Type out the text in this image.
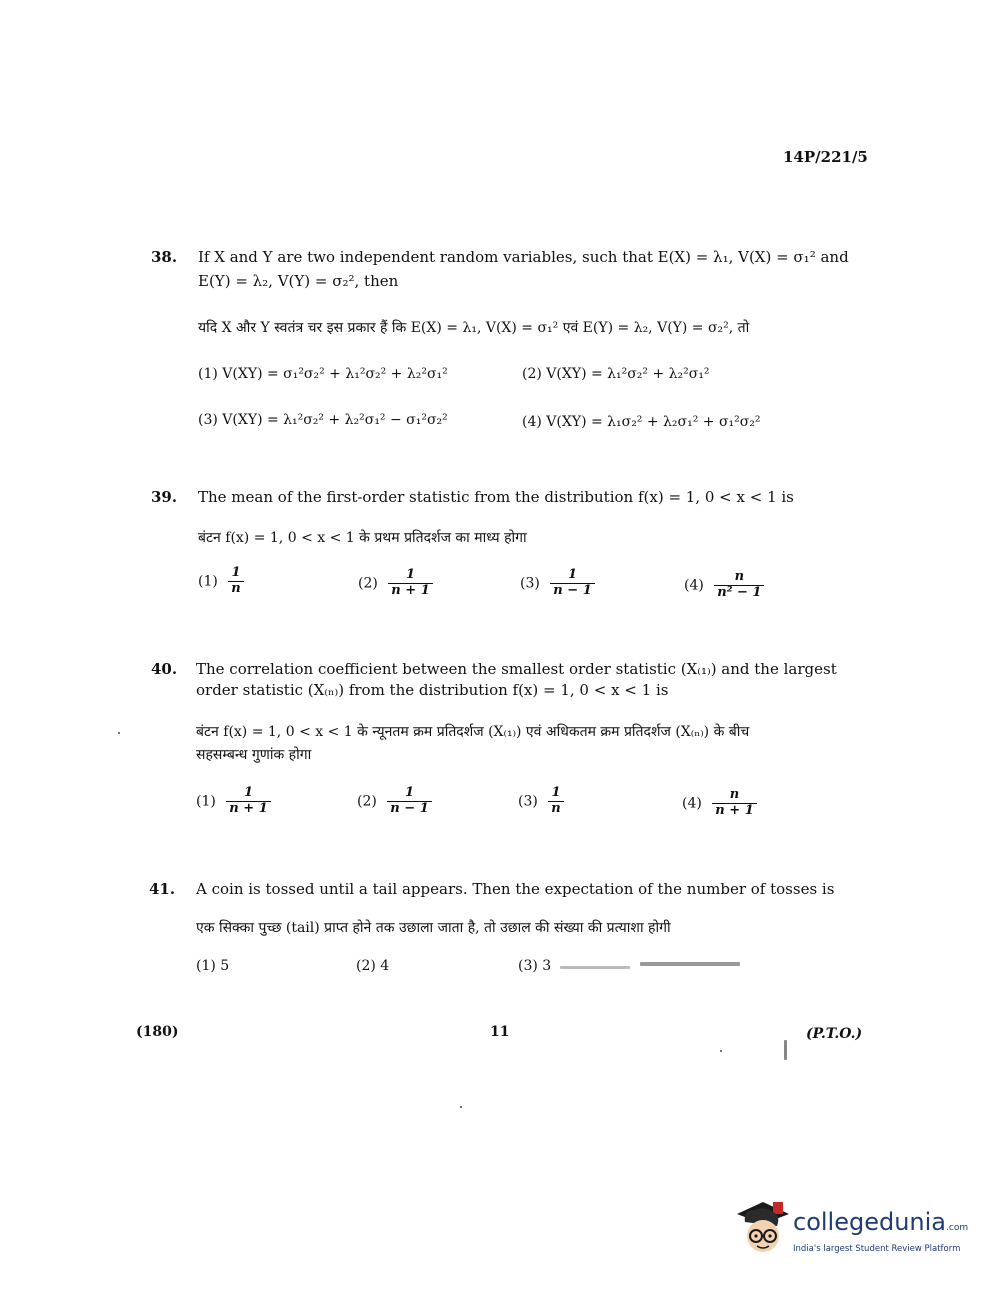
14P/221/5
38. If X and Y are two independent random variables, such that E(X) = λ₁, V(X) = σ₁² and
E(Y) = λ₂, V(Y) = σ₂², then
यदि X और Y स्वतंत्र चर इस प्रकार हैं कि E(X) = λ₁, V(X) = σ₁² एवं E(Y) = λ₂, V(Y) = σ₂², तो
(1) V(XY) = σ₁²σ₂² + λ₁²σ₂² + λ₂²σ₁²	(2) V(XY) = λ₁²σ₂² + λ₂²σ₁²
(3) V(XY) = λ₁²σ₂² + λ₂²σ₁² − σ₁²σ₂²	(4) V(XY) = λ₁σ₂² + λ₂σ₁² + σ₁²σ₂²
39. The mean of the first-order statistic from the distribution f(x) = 1, 0 < x < 1 is
बंटन f(x) = 1, 0 < x < 1 के प्रथम प्रतिदर्शज का माध्य होगा
$(1) \frac{1}{n}$	$(2) \frac{1}{n + 1}$	$(3) \frac{1}{n - 1}$	$(4) \frac{n}{\text{n² − 1}}$
40. The correlation coefficient between the smallest order statistic (X₍₁₎) and the largest
order statistic (X₍ₙ₎) from the distribution f(x) = 1, 0 < x < 1 is
बंटन f(x) = 1, 0 < x < 1 के न्यूनतम क्रम प्रतिदर्शज (X₍₁₎) एवं अधिकतम क्रम प्रतिदर्शज (X₍ₙ₎) के बीच
सहसम्बन्ध गुणांक होगा
$(1) \frac{1}{n + 1}$	$(2) \frac{1}{n - 1}$	$(3) \frac{1}{n}$	$(4) \frac{n}{n + 1}$
41. A coin is tossed until a tail appears. Then the expectation of the number of tosses is
एक सिक्का पुच्छ (tail) प्राप्त होने तक उछाला जाता है, तो उछाल की संख्या की प्रत्याशा होगी
(1) 5	(2) 4	(3) 3
(180)	11	(P.T.O.)
collegedunia.com
India's largest Student Review Platform
